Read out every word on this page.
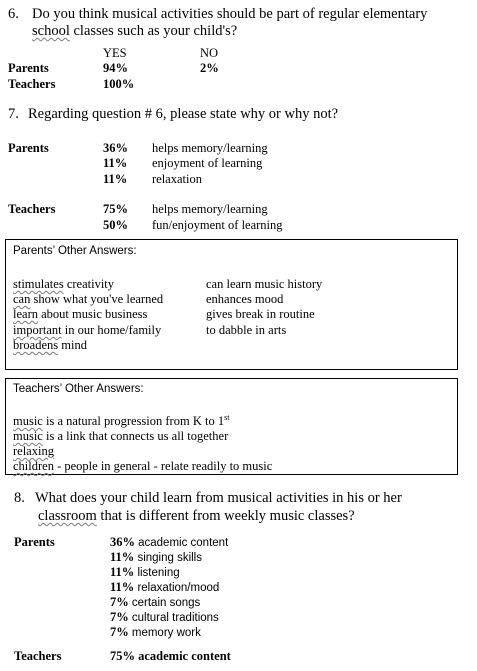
6. Do you think musical activities should be part of regular elementary
school classes such as your child's?
YES	NO
Parents	94%	2%
Teachers	100%
7. Regarding question # 6, please state why or why not?
Parents	36% helps memory/learning
11% enjoyment of learning
11% relaxation
Teachers	75% helps memory/learning
50% fun/enjoyment of learning
Parents’ Other Answers:
stimulates creativity
can show what you've learned
learn about music business
important in our home/family
broadens mind
can learn music history
enhances mood
gives break in routine
to dabble in arts
Teachers’ Other Answers:
music is a natural progression from K to 1st
music is a link that connects us all together
relaxing
children - people in general - relate readily to music
8. What does your child learn from musical activities in his or her
classroom that is different from weekly music classes?
Parents	36% academic content
11% singing skills
11% listening
11% relaxation/mood
7% certain songs
7% cultural traditions
7% memory work
Teachers	75% academic content
